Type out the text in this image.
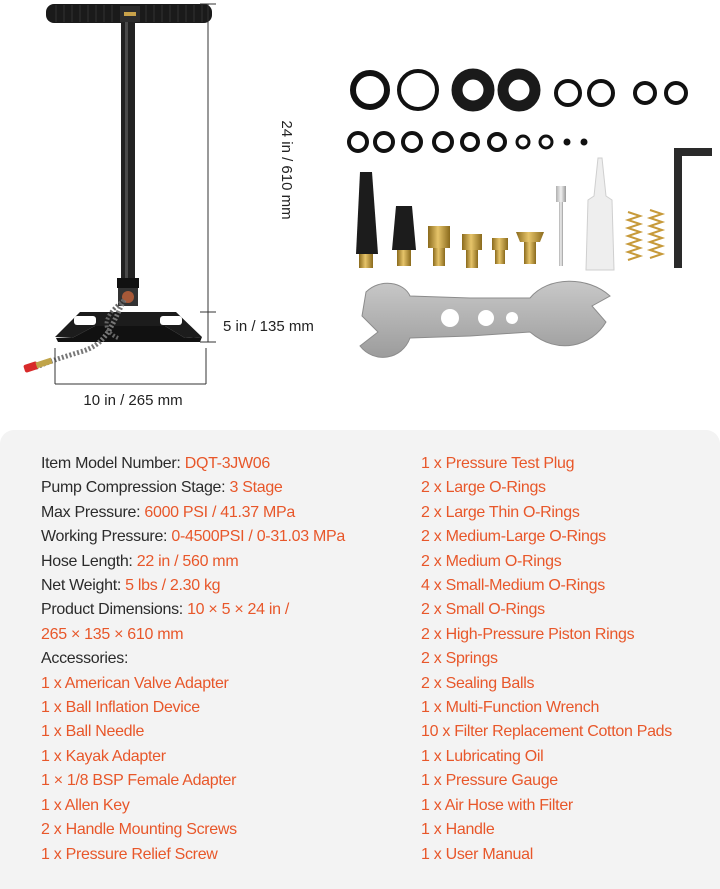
24 in / 610 mm
5 in / 135 mm
10 in / 265 mm
Item Model Number: DQT-3JW06
Pump Compression Stage: 3 Stage
Max Pressure: 6000 PSI / 41.37 MPa
Working Pressure: 0-4500PSI / 0-31.03 MPa
Hose Length: 22 in / 560 mm
Net Weight: 5 lbs / 2.30 kg
Product Dimensions: 10 × 5 × 24 in /
265 × 135 × 610 mm
Accessories:
1 x American Valve Adapter
1 x Ball Inflation Device
1 x Ball Needle
1 x Kayak Adapter
1 × 1/8 BSP Female Adapter
1 x Allen Key
2 x Handle Mounting Screws
1 x Pressure Relief Screw
1 x Pressure Test Plug
2 x Large O-Rings
2 x Large Thin O-Rings
2 x Medium-Large O-Rings
2 x Medium O-Rings
4 x Small-Medium O-Rings
2 x Small O-Rings
2 x High-Pressure Piston Rings
2 x Springs
2 x Sealing Balls
1 x Multi-Function Wrench
10 x Filter Replacement Cotton Pads
1 x Lubricating Oil
1 x Pressure Gauge
1 x Air Hose with Filter
1 x Handle
1 x User Manual
